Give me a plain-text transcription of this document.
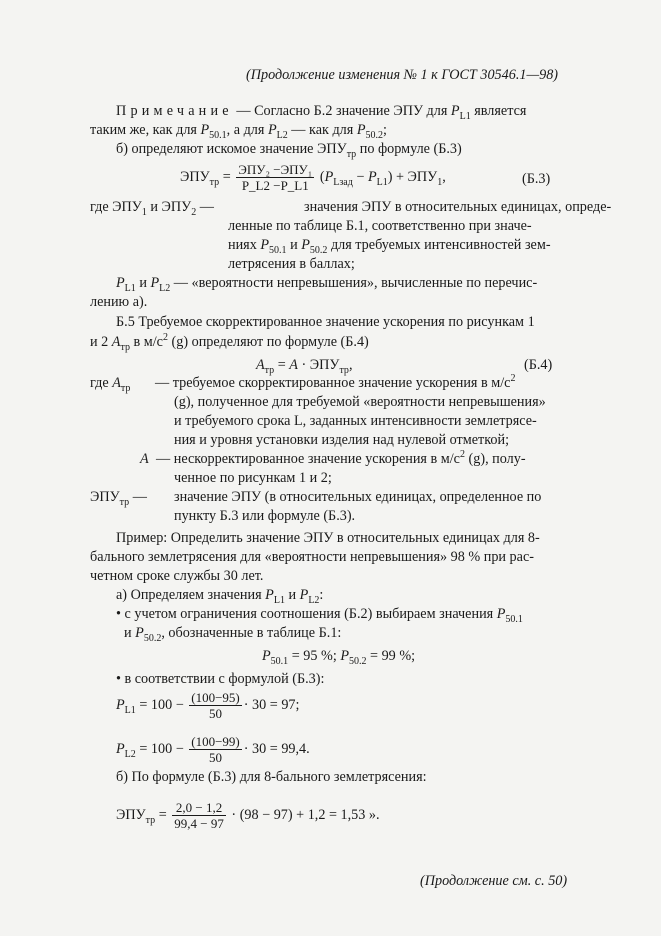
(Продолжение изменения № 1 к ГОСТ 30546.1—98)
Примечание — Согласно Б.2 значение ЭПУ для $P_{L1}$ является
таким же, как для $P_{50.1}$, а для $P_{L2}$ — как для $P_{50.2}$;
б) определяют искомое значение $ЭПУ_{тр}$ по формуле (Б.3)
$ЭПУ_{тр} = \frac{\text{ЭПУ₂ −ЭПУ₁}}{P\_L2 -P\_L1} (P_{Lзад} - P_{L1}) + ЭПУ_1$,	(Б.3)
где $ЭПУ_1$ и $ЭПУ_2$ —	значения ЭПУ в относительных единицах, опреде-
ленные по таблице Б.1, соответственно при значе-
ниях $P_{50.1}$ и $P_{50.2}$ для требуемых интенсивностей зем-
летрясения в баллах;
$P_{L1}$ и $P_{L2}$ — «вероятности непревышения», вычисленные по перечис-
лению а).
Б.5 Требуемое скорректированное значение ускорения по рисункам 1
и 2 $A_{тр}$ в $м/с^2$ (g) определяют по формуле (Б.4)
$A_{тр} = A \cdot ЭПУ_{тр}$,	(Б.4)
где $A_{тр}$ — требуемое скорректированное значение ускорения в $м/с^2$
(g), полученное для требуемой «вероятности непревышения»
и требуемого срока L, заданных интенсивности землетрясе-
ния и уровня установки изделия над нулевой отметкой;
A — нескорректированное значение ускорения в $м/с^2$ (g), полу-
ченное по рисункам 1 и 2;
$ЭПУ_{тр}$ — значение ЭПУ (в относительных единицах, определенное по
пункту Б.3 или формуле (Б.3).
Пример: Определить значение ЭПУ в относительных единицах для 8-
бального землетрясения для «вероятности непревышения» 98 % при рас-
четном сроке службы 30 лет.
а) Определяем значения $P_{L1}$ и $P_{L2}$:
• с учетом ограничения соотношения (Б.2) выбираем значения $P_{50.1}$
и $P_{50.2}$, обозначенные в таблице Б.1:
$P_{50.1} = 95$ %; $P_{50.2} = 99$ %;
• в соответствии с формулой (Б.3):
$P_{L1} = 100 - \frac{(100-95)}{50} \cdot 30 = 97$;
$P_{L2} = 100 - \frac{(100-99)}{50} \cdot 30 = 99,4$.
б) По формуле (Б.3) для 8-бального землетрясения:
$ЭПУ_{тр} = \frac{2,0 - 1,2}{99,4 - 97} \cdot (98 - 97) + 1,2 = 1,53$ ».
(Продолжение см. с. 50)
